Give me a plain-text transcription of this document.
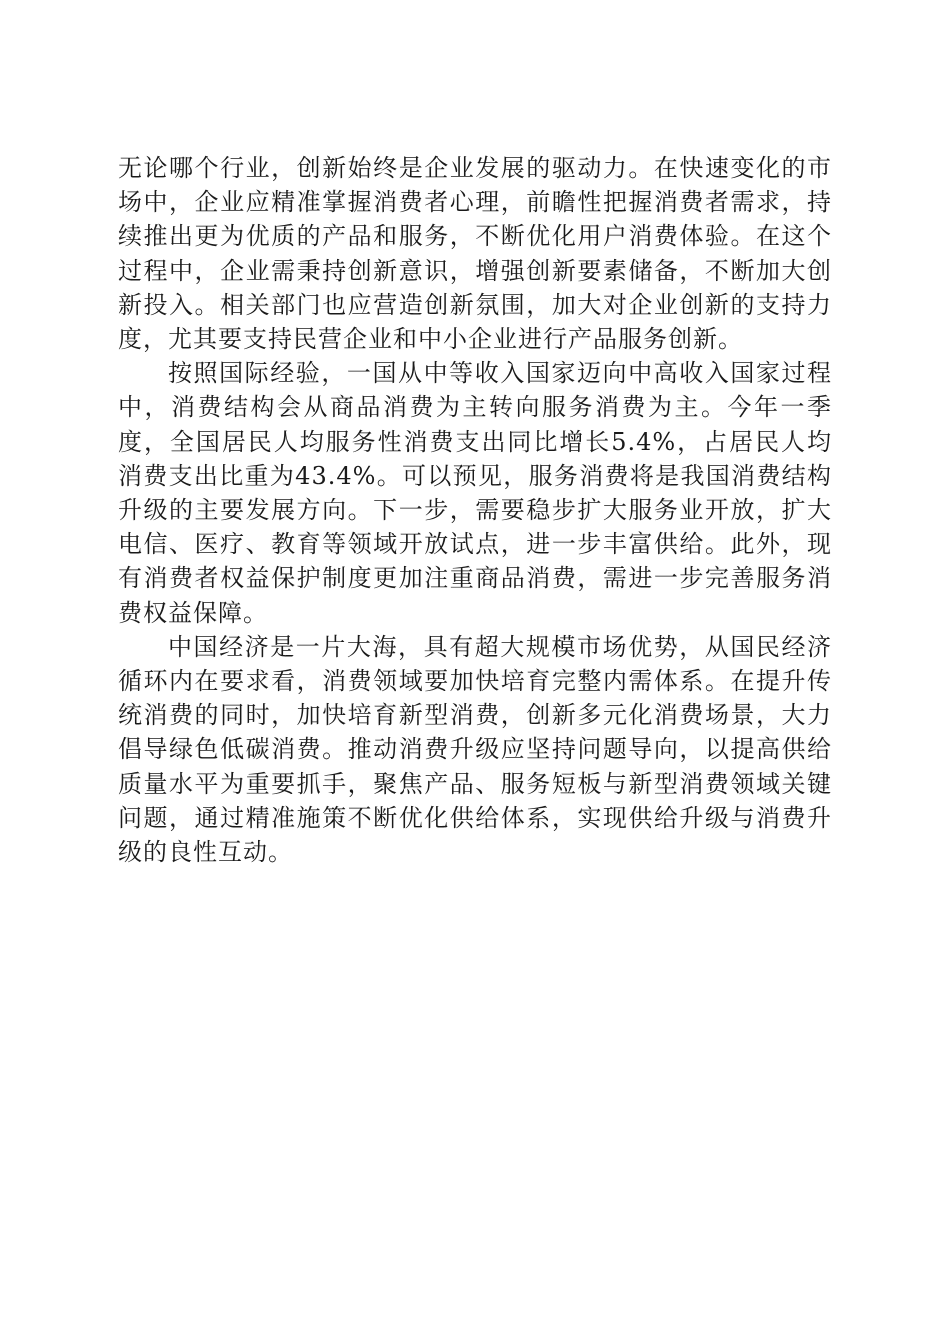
无论哪个行业，创新始终是企业发展的驱动力。在快速变化的市场中，企业应精准掌握消费者心理，前瞻性把握消费者需求，持续推出更为优质的产品和服务，不断优化用户消费体验。在这个过程中，企业需秉持创新意识，增强创新要素储备，不断加大创新投入。相关部门也应营造创新氛围，加大对企业创新的支持力度，尤其要支持民营企业和中小企业进行产品服务创新。

按照国际经验，一国从中等收入国家迈向中高收入国家过程中，消费结构会从商品消费为主转向服务消费为主。今年一季度，全国居民人均服务性消费支出同比增长5.4%，占居民人均消费支出比重为43.4%。可以预见，服务消费将是我国消费结构升级的主要发展方向。下一步，需要稳步扩大服务业开放，扩大电信、医疗、教育等领域开放试点，进一步丰富供给。此外，现有消费者权益保护制度更加注重商品消费，需进一步完善服务消费权益保障。

中国经济是一片大海，具有超大规模市场优势，从国民经济循环内在要求看，消费领域要加快培育完整内需体系。在提升传统消费的同时，加快培育新型消费，创新多元化消费场景，大力倡导绿色低碳消费。推动消费升级应坚持问题导向，以提高供给质量水平为重要抓手，聚焦产品、服务短板与新型消费领域关键问题，通过精准施策不断优化供给体系，实现供给升级与消费升级的良性互动。
